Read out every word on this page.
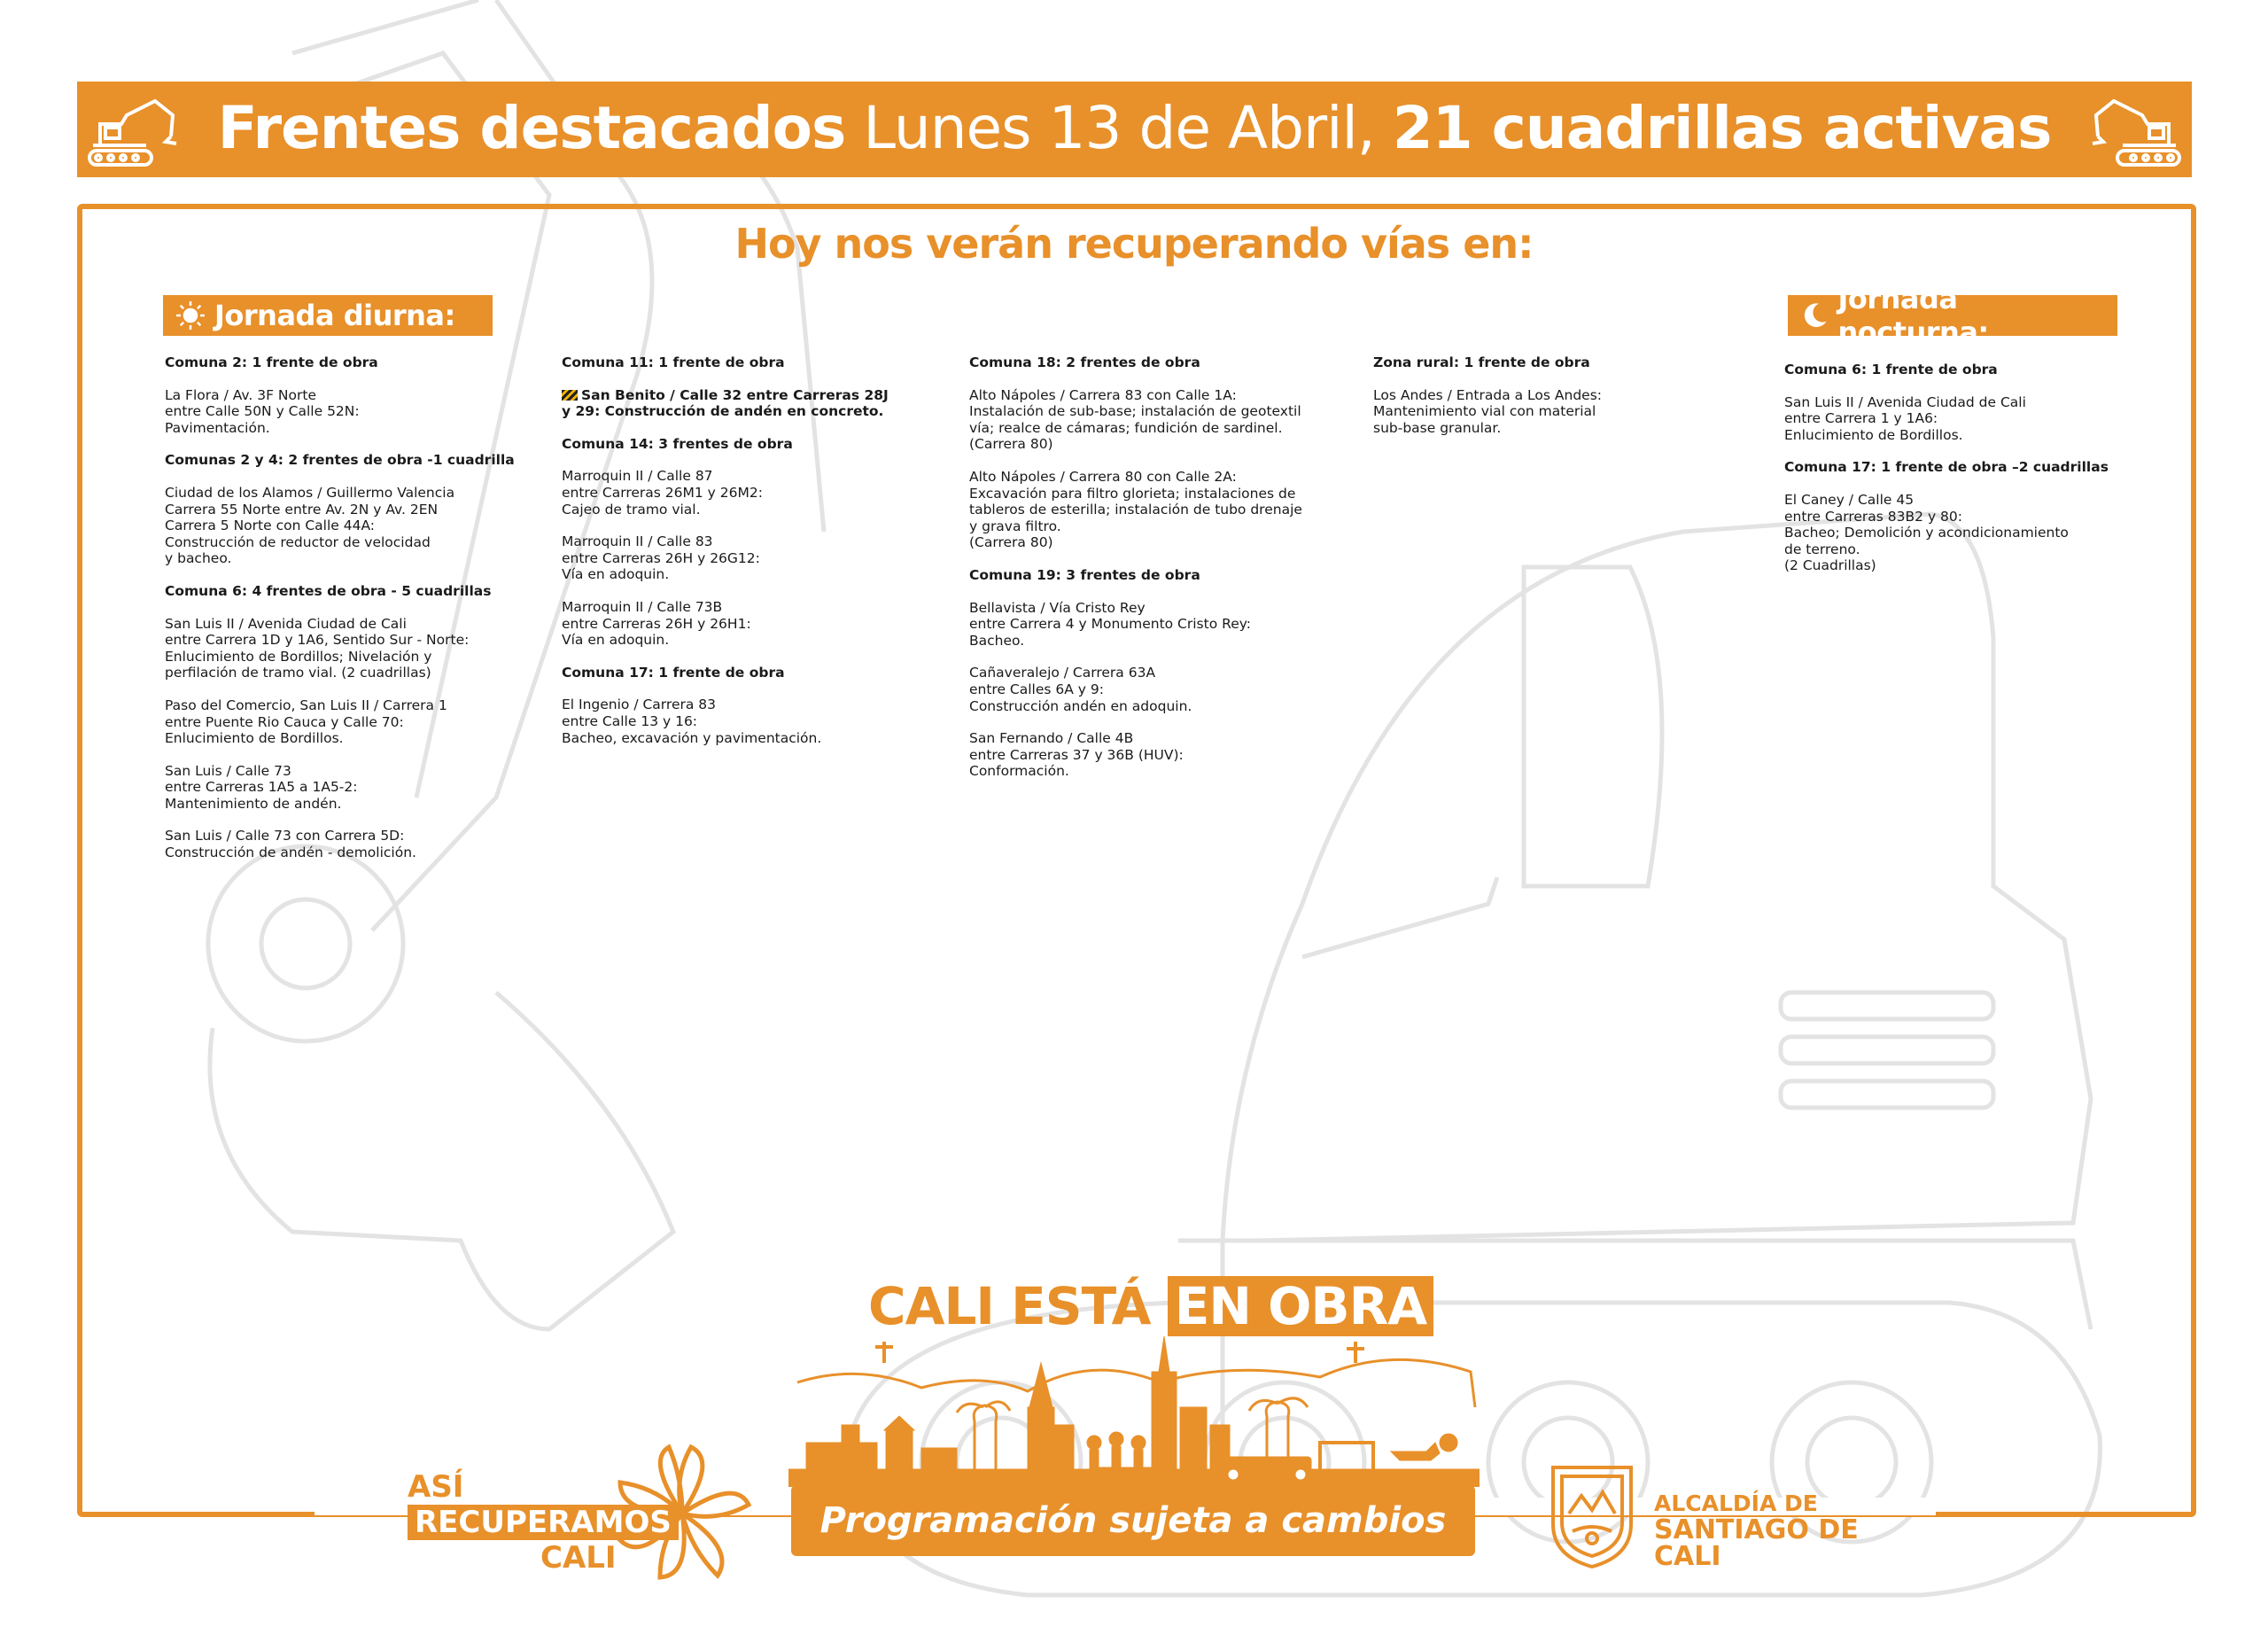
Frentes destacados Lunes 13 de Abril, 21 cuadrillas activas
Hoy nos verán recuperando vías en:
Jornada diurna:	Jornada nocturna:
Comuna 2: 1 frente de obra
La Flora / Av. 3F Norte
entre Calle 50N y Calle 52N:
Pavimentación.
Comunas 2 y 4: 2 frentes de obra -1 cuadrilla
Ciudad de los Alamos / Guillermo Valencia
Carrera 55 Norte entre Av. 2N y Av. 2EN
Carrera 5 Norte con Calle 44A:
Construcción de reductor de velocidad
y bacheo.
Comuna 6: 4 frentes de obra - 5 cuadrillas
San Luis II / Avenida Ciudad de Cali
entre Carrera 1D y 1A6, Sentido Sur - Norte:
Enlucimiento de Bordillos; Nivelación y
perfilación de tramo vial. (2 cuadrillas)
Paso del Comercio, San Luis II / Carrera 1
entre Puente Rio Cauca y Calle 70:
Enlucimiento de Bordillos.
San Luis / Calle 73
entre Carreras 1A5 a 1A5-2:
Mantenimiento de andén.
San Luis / Calle 73 con Carrera 5D:
Construcción de andén - demolición.
Comuna 11: 1 frente de obra
San Benito / Calle 32 entre Carreras 28J
y 29: Construcción de andén en concreto.
Comuna 14: 3 frentes de obra
Marroquin II / Calle 87
entre Carreras 26M1 y 26M2:
Cajeo de tramo vial.
Marroquin II / Calle 83
entre Carreras 26H y 26G12:
Vía en adoquin.
Marroquin II / Calle 73B
entre Carreras 26H y 26H1:
Vía en adoquin.
Comuna 17: 1 frente de obra
El Ingenio / Carrera 83
entre Calle 13 y 16:
Bacheo, excavación y pavimentación.
Comuna 18: 2 frentes de obra
Alto Nápoles / Carrera 83 con Calle 1A:
Instalación de sub-base; instalación de geotextil
vía; realce de cámaras; fundición de sardinel.
(Carrera 80)
Alto Nápoles / Carrera 80 con Calle 2A:
Excavación para filtro glorieta; instalaciones de
tableros de esterilla; instalación de tubo drenaje
y grava filtro.
(Carrera 80)
Comuna 19: 3 frentes de obra
Bellavista / Vía Cristo Rey
entre Carrera 4 y Monumento Cristo Rey:
Bacheo.
Cañaveralejo / Carrera 63A
entre Calles 6A y 9:
Construcción andén en adoquin.
San Fernando / Calle 4B
entre Carreras 37 y 36B (HUV):
Conformación.
Zona rural: 1 frente de obra
Los Andes / Entrada a Los Andes:
Mantenimiento vial con material
sub-base granular.
Comuna 6: 1 frente de obra
San Luis II / Avenida Ciudad de Cali
entre Carrera 1 y 1A6:
Enlucimiento de Bordillos.
Comuna 17: 1 frente de obra –2 cuadrillas
El Caney / Calle 45
entre Carreras 83B2 y 80:
Bacheo; Demolición y acondicionamiento
de terreno.
(2 Cuadrillas)
ASÍ
RECUPERAMOS
CALI
CALI ESTÁ EN OBRA
Programación sujeta a cambios	ALCALDÍA DE
SANTIAGO DE CALI
